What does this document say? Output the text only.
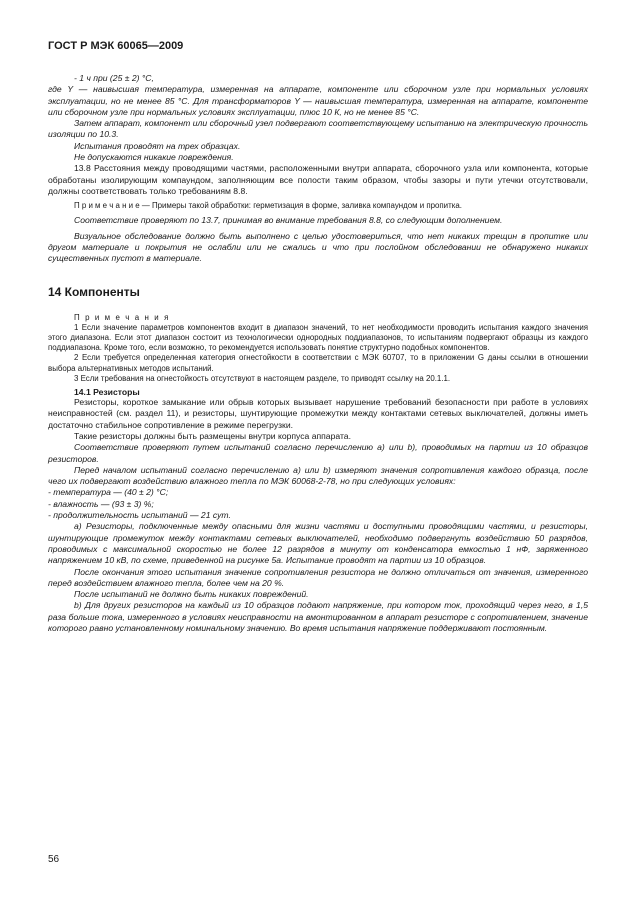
ГОСТ Р МЭК 60065—2009

- 1 ч при (25 ± 2) °С,

где Y — наивысшая температура, измеренная на аппарате, компоненте или сборочном узле при нормальных условиях эксплуатации, но не менее 85 °С. Для трансформаторов Y — наивысшая температура, измеренная на аппарате, компоненте или сборочном узле при нормальных условиях эксплуатации, плюс 10 К, но не менее 85 °С.

Затем аппарат, компонент или сборочный узел подвергают соответствующему испытанию на электрическую прочность изоляции по 10.3.

Испытания проводят на трех образцах.

Не допускаются никакие повреждения.

13.8 Расстояния между проводящими частями, расположенными внутри аппарата, сборочного узла или компонента, которые обработаны изолирующим компаундом, заполняющим все полости таким образом, чтобы зазоры и пути утечки отсутствовали, должны соответствовать только требованиям 8.8.

П р и м е ч а н и е — Примеры такой обработки: герметизация в форме, заливка компаундом и пропитка.

Соответствие проверяют по 13.7, принимая во внимание требования 8.8, со следующим дополнением.

Визуальное обследование должно быть выполнено с целью удостовериться, что нет никаких трещин в пропитке или другом материале и покрытия не ослабли или не сжались и что при послойном обследовании не обнаружено никаких существенных пустот в материале.

14 Компоненты

П р и м е ч а н и я

1 Если значение параметров компонентов входит в диапазон значений, то нет необходимости проводить испытания каждого значения этого диапазона. Если этот диапазон состоит из технологически однородных поддиапазонов, то испытаниям подвергают образцы из каждого поддиапазона. Кроме того, если возможно, то рекомендуется использовать понятие структурно подобных компонентов.

2 Если требуется определенная категория огнестойкости в соответствии с МЭК 60707, то в приложении G даны ссылки в отношении выбора альтернативных методов испытаний.

3 Если требования на огнестойкость отсутствуют в настоящем разделе, то приводят ссылку на 20.1.1.

14.1 Резисторы

Резисторы, короткое замыкание или обрыв которых вызывает нарушение требований безопасности при работе в условиях неисправностей (см. раздел 11), и резисторы, шунтирующие промежутки между контактами сетевых выключателей, должны иметь достаточно стабильное сопротивление в режиме перегрузки.

Такие резисторы должны быть размещены внутри корпуса аппарата.

Соответствие проверяют путем испытаний согласно перечислению а) или b), проводимых на партии из 10 образцов резисторов.

Перед началом испытаний согласно перечислению а) или b) измеряют значения сопротивления каждого образца, после чего их подвергают воздействию влажного тепла по МЭК 60068-2-78, но при следующих условиях:

- температура — (40 ± 2) °С;

- влажность — (93 ± 3) %;

- продолжительность испытаний — 21 сут.

а) Резисторы, подключенные между опасными для жизни частями и доступными проводящими частями, и резисторы, шунтирующие промежуток между контактами сетевых выключателей, необходимо подвергнуть воздействию 50 разрядов, проводимых с максимальной скоростью не более 12 разрядов в минуту от конденсатора емкостью 1 нФ, заряженного напряжением 10 кВ, по схеме, приведенной на рисунке 5а. Испытание проводят на партии из 10 образцов.

После окончания этого испытания значение сопротивления резистора не должно отличаться от значения, измеренного перед воздействием влажного тепла, более чем на 20 %.

После испытаний не должно быть никаких повреждений.

b) Для других резисторов на каждый из 10 образцов подают напряжение, при котором ток, проходящий через него, в 1,5 раза больше тока, измеренного в условиях неисправности на вмонтированном в аппарат резисторе с сопротивлением, значение которого равно установленному номинальному значению. Во время испытания напряжение поддерживают постоянным.

56
